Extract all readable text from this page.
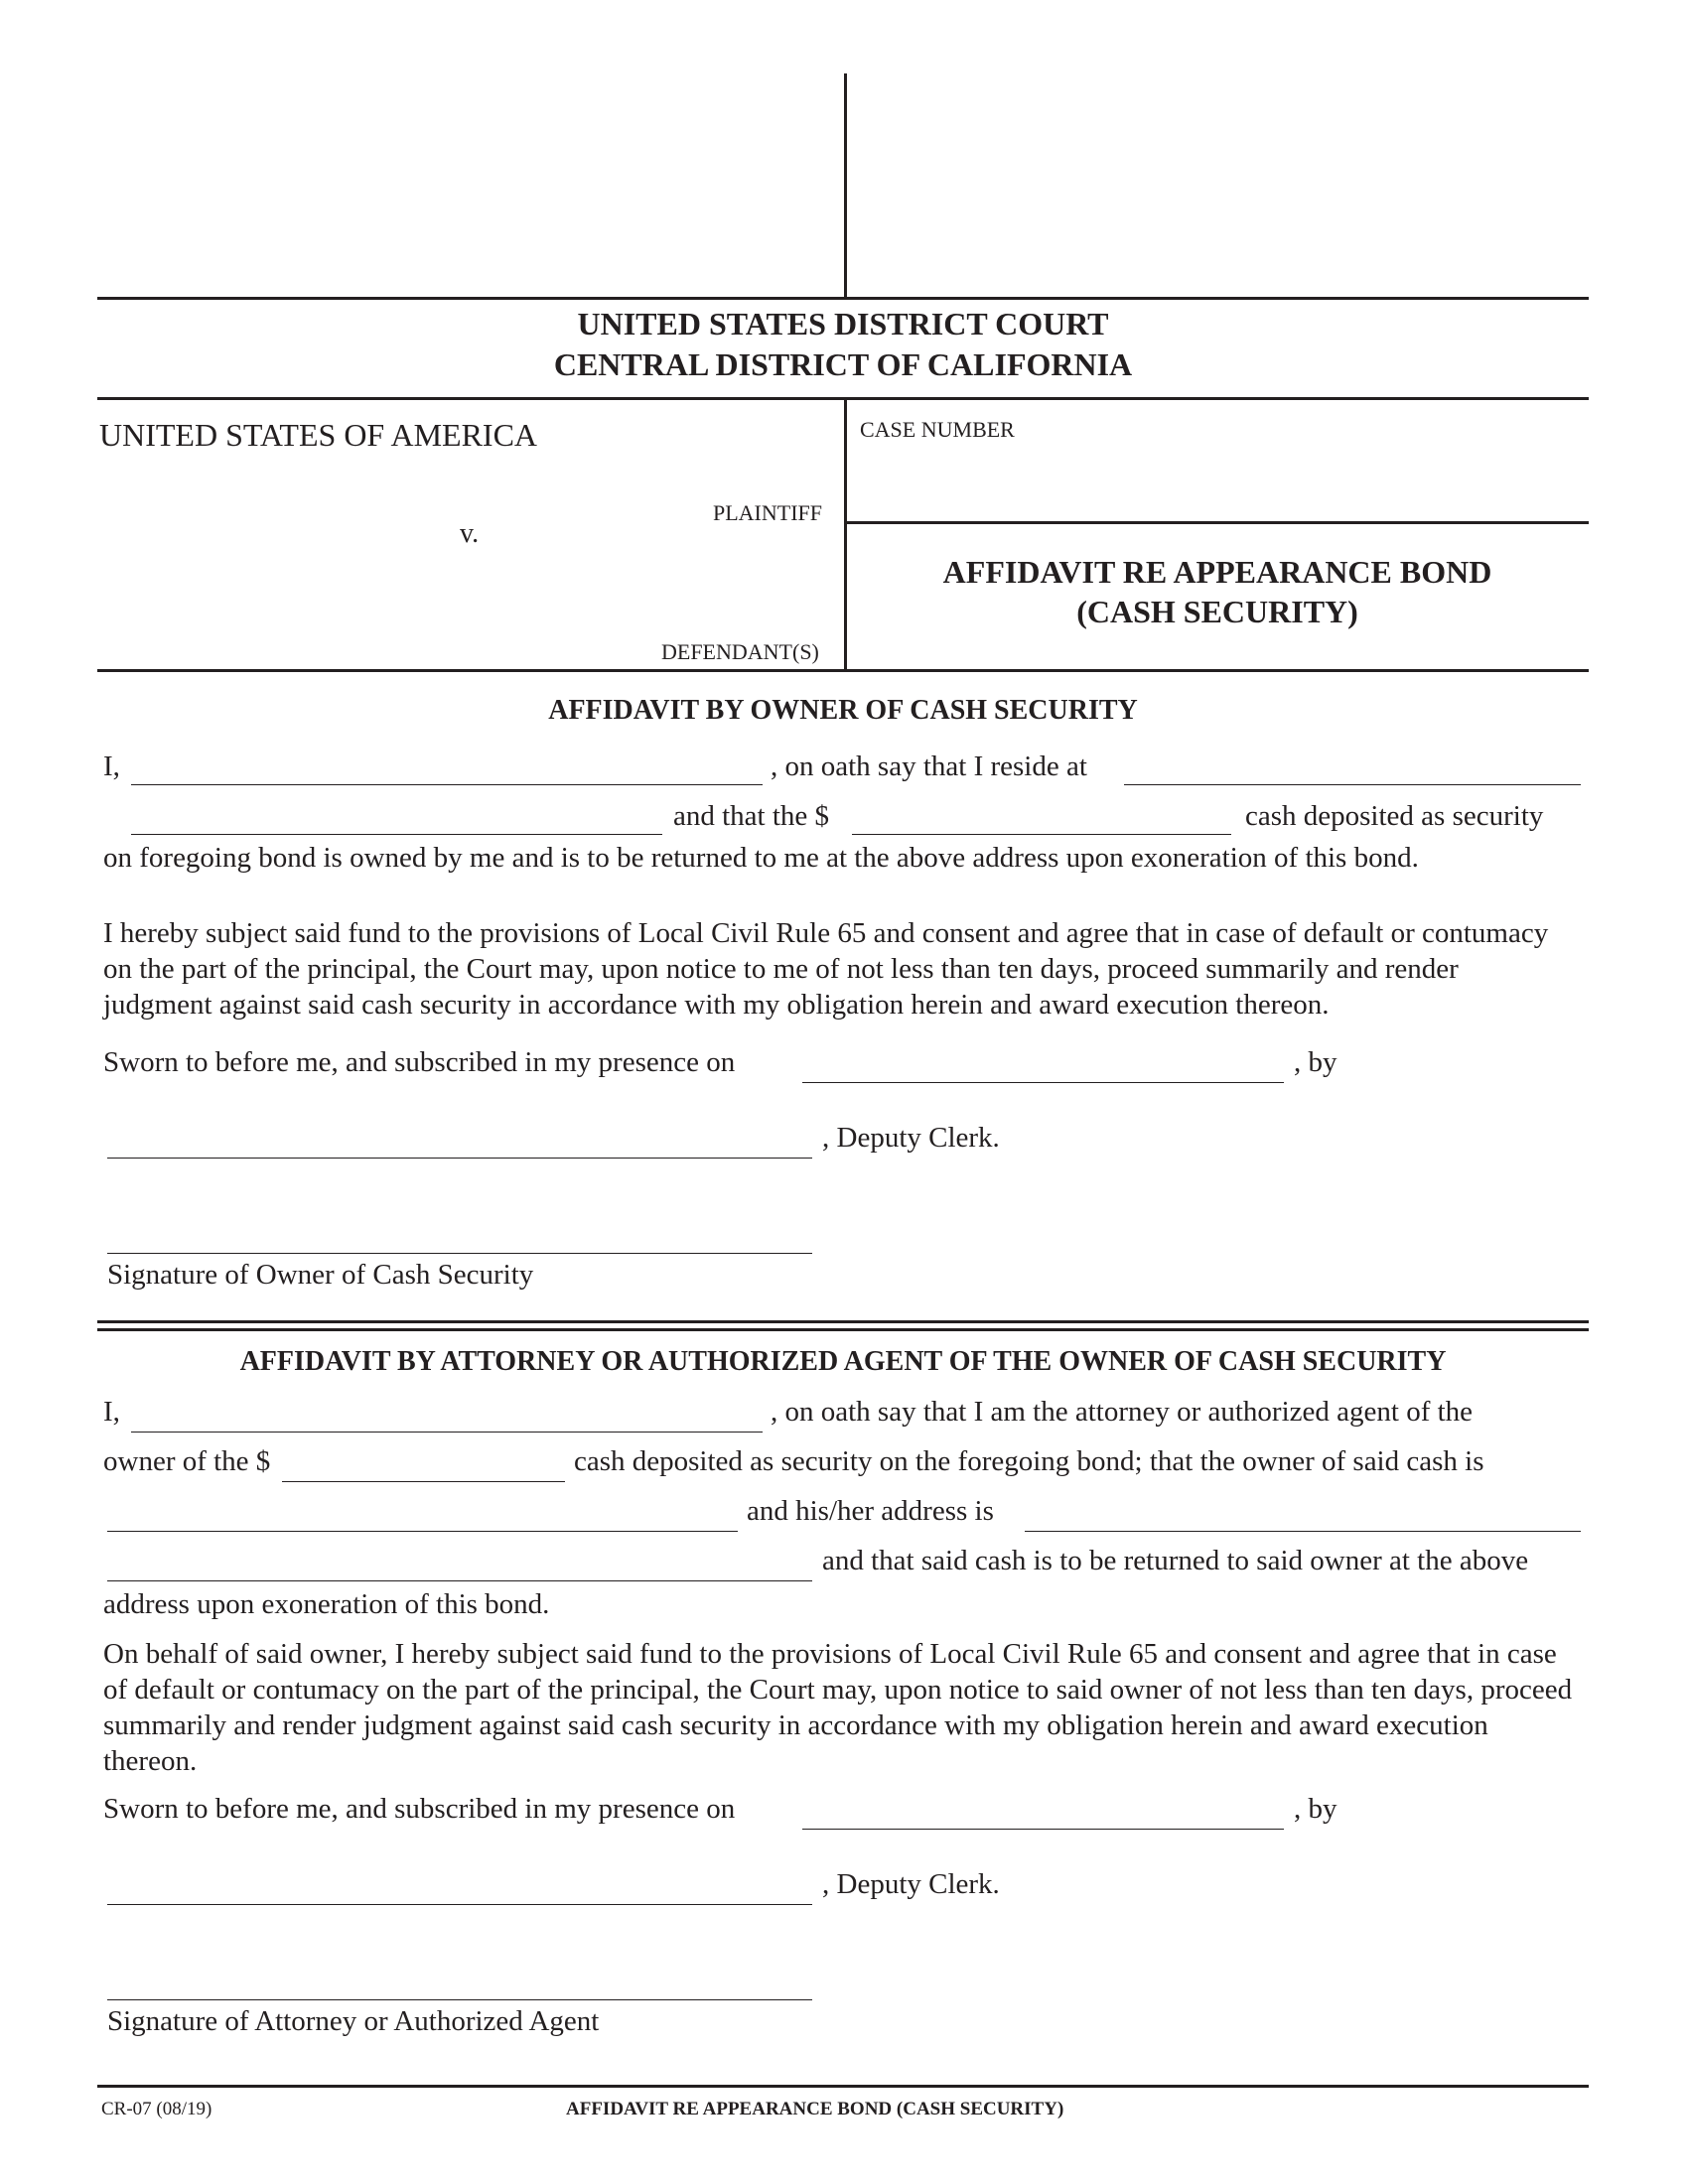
UNITED STATES DISTRICT COURT
CENTRAL DISTRICT OF CALIFORNIA
UNITED STATES OF AMERICA
PLAINTIFF
v.
DEFENDANT(S)
CASE NUMBER
AFFIDAVIT RE APPEARANCE BOND
(CASH SECURITY)
AFFIDAVIT BY OWNER OF CASH SECURITY
I,	, on oath say that I reside at
and that the $	cash deposited as security
on foregoing bond is owned by me and is to be returned to me at the above address upon exoneration of this bond.
I hereby subject said fund to the provisions of Local Civil Rule 65 and consent and agree that in case of default or contumacy on the part of the principal, the Court may, upon notice to me of not less than ten days, proceed summarily and render judgment against said cash security in accordance with my obligation herein and award execution thereon.
Sworn to before me, and subscribed in my presence on	, by
, Deputy Clerk.
Signature of Owner of Cash Security
AFFIDAVIT BY ATTORNEY OR AUTHORIZED AGENT OF THE OWNER OF CASH SECURITY
I,	, on oath say that I am the attorney or authorized agent of the
owner of the $	cash deposited as security on the foregoing bond; that the owner of said cash is
and his/her address is
and that said cash is to be returned to said owner at the above
address upon exoneration of this bond.
On behalf of said owner, I hereby subject said fund to the provisions of Local Civil Rule 65 and consent and agree that in case of default or contumacy on the part of the principal, the Court may, upon notice to said owner of not less than ten days, proceed summarily and render judgment against said cash security in accordance with my obligation herein and award execution thereon.
Sworn to before me, and subscribed in my presence on	, by
, Deputy Clerk.
Signature of Attorney or Authorized Agent
CR-07 (08/19)	AFFIDAVIT RE APPEARANCE BOND (CASH SECURITY)
